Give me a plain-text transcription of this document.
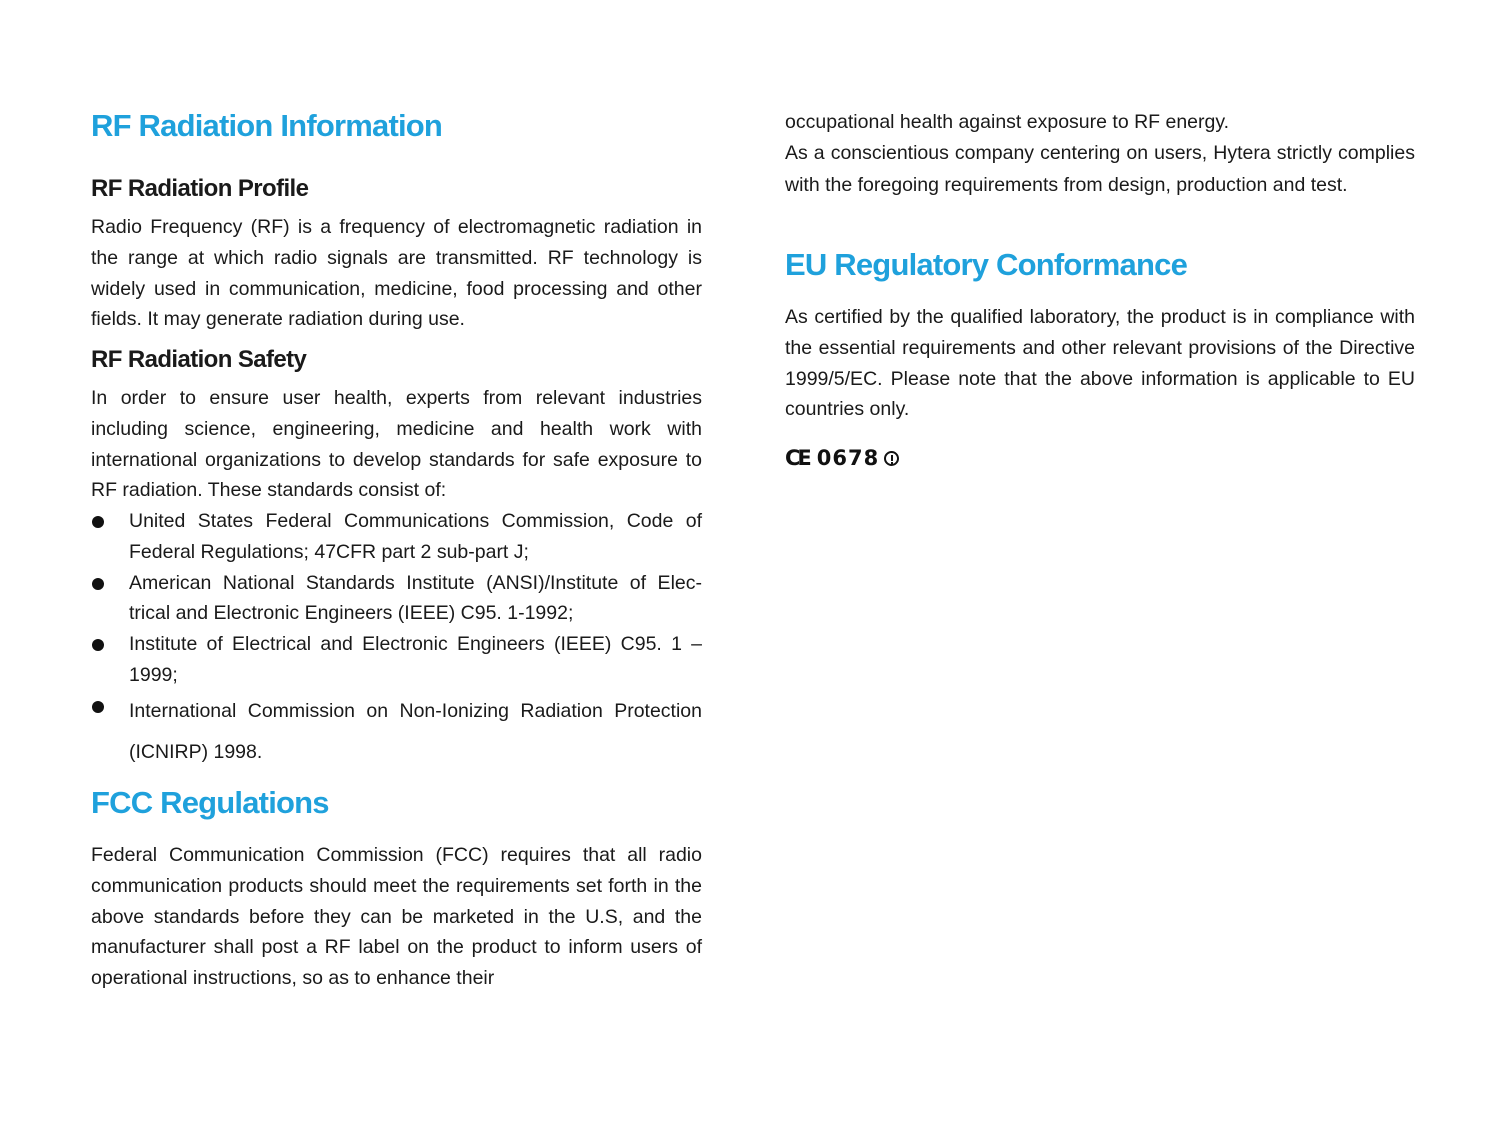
RF Radiation Information
RF Radiation Profile

Radio Frequency (RF) is a frequency of electromagnetic radiation in the range at which radio signals are transmitted. RF technology is widely used in communication, medicine, food processing and other fields. It may generate radiation during use.

RF Radiation Safety

In order to ensure user health, experts from relevant industries including science, engineering, medicine and health work with international organizations to develop standards for safe exposure to RF radiation. These standards consist of:

United States Federal Communications Commission, Code of Federal Regulations; 47CFR part 2 sub-part J;
American National Standards Institute (ANSI)/Institute of Elec-trical and Electronic Engineers (IEEE) C95. 1-1992;
Institute of Electrical and Electronic Engineers (IEEE) C95. 1 – 1999;
International Commission on Non-Ionizing Radiation Protection (ICNIRP) 1998.
FCC Regulations

Federal Communication Commission (FCC) requires that all radio communication products should meet the requirements set forth in the above standards before they can be marketed in the U.S, and the manufacturer shall post a RF label on the product to inform users of operational instructions, so as to enhance their

occupational health against exposure to RF energy.

As a conscientious company centering on users, Hytera strictly complies with the foregoing requirements from design, production and test.

EU Regulatory Conformance

As certified by the qualified laboratory, the product is in compliance with the essential requirements and other relevant provisions of the Directive 1999/5/EC. Please note that the above information is applicable to EU countries only.

CE 0678
